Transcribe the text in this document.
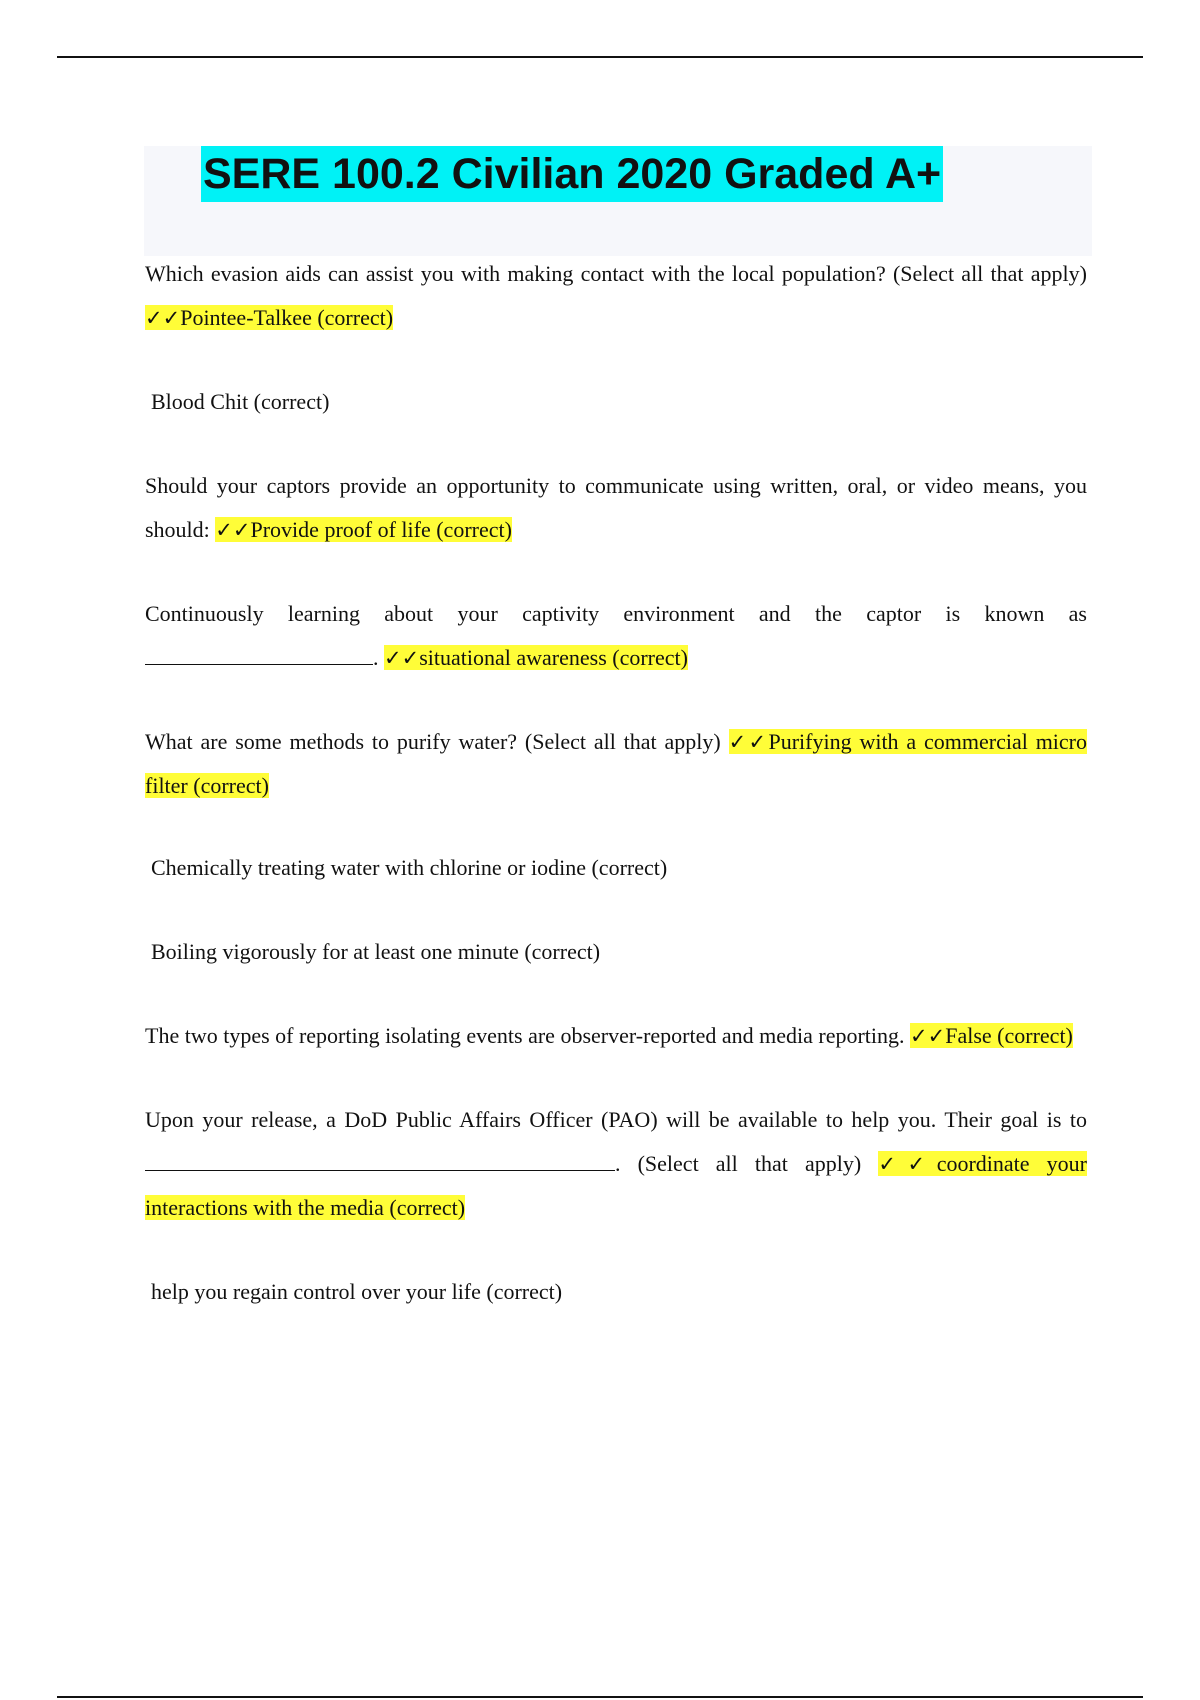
SERE 100.2 Civilian 2020 Graded A+

Which evasion aids can assist you with making contact with the local population? (Select all that apply) ✓✓Pointee-Talkee (correct)

Blood Chit (correct)

Should your captors provide an opportunity to communicate using written, oral, or video means, you should: ✓✓Provide proof of life (correct)

Continuously learning about your captivity environment and the captor is known as . ✓✓situational awareness (correct)

What are some methods to purify water? (Select all that apply) ✓✓Purifying with a commercial micro filter (correct)

Chemically treating water with chlorine or iodine (correct)

Boiling vigorously for at least one minute (correct)

The two types of reporting isolating events are observer-reported and media reporting. ✓✓False (correct)

Upon your release, a DoD Public Affairs Officer (PAO) will be available to help you. Their goal is to. (Select all that apply) ✓✓coordinate your interactions with the media (correct)

help you regain control over your life (correct)
